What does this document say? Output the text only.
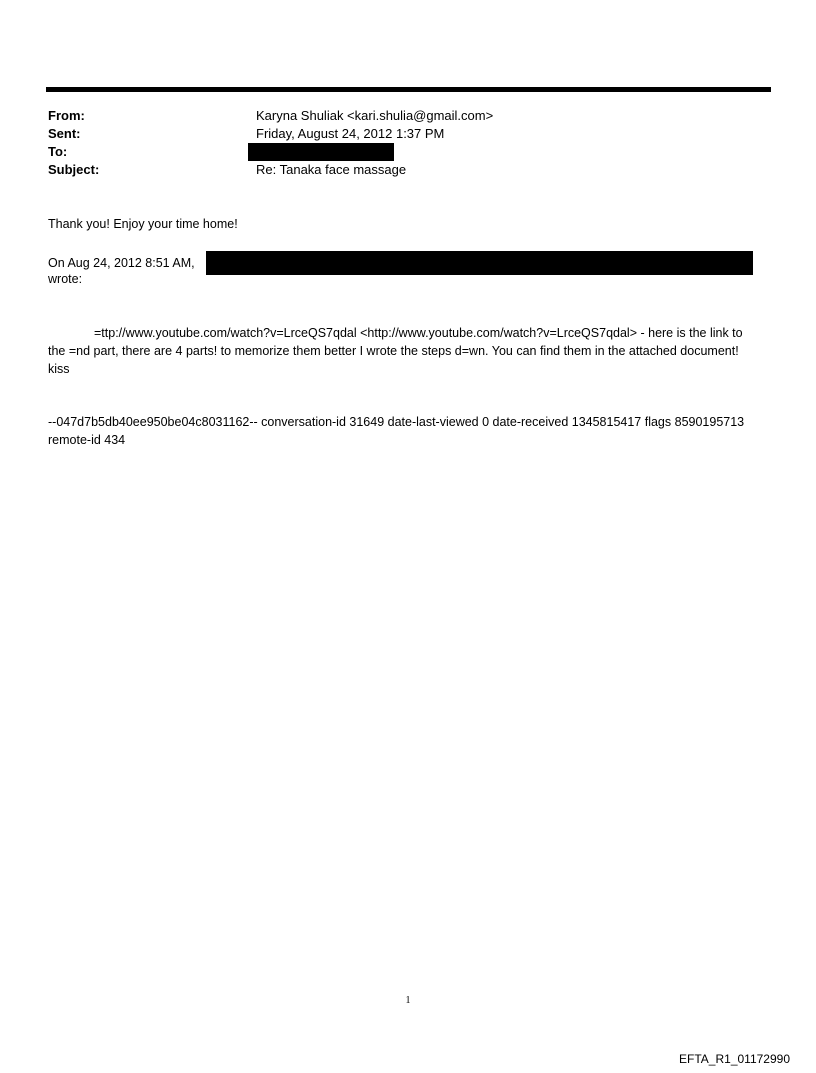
From:	Karyna Shuliak <kari.shulia@gmail.com>
Sent:	Friday, August 24, 2012 1:37 PM
To:
Subject:	Re: Tanaka face massage
Thank you! Enjoy your time home!
On Aug 24, 2012 8:51 AM,
wrote:
=ttp://www.youtube.com/watch?v=LrceQS7qdal <http://www.youtube.com/watch?v=LrceQS7qdal> - here is the link to the =nd part, there are 4 parts! to memorize them better I wrote the steps d=wn. You can find them in the attached document! kiss
--047d7b5db40ee950be04c8031162-- conversation-id 31649 date-last-viewed 0 date-received 1345815417 flags 8590195713 remote-id 434
1
EFTA_R1_01172990
